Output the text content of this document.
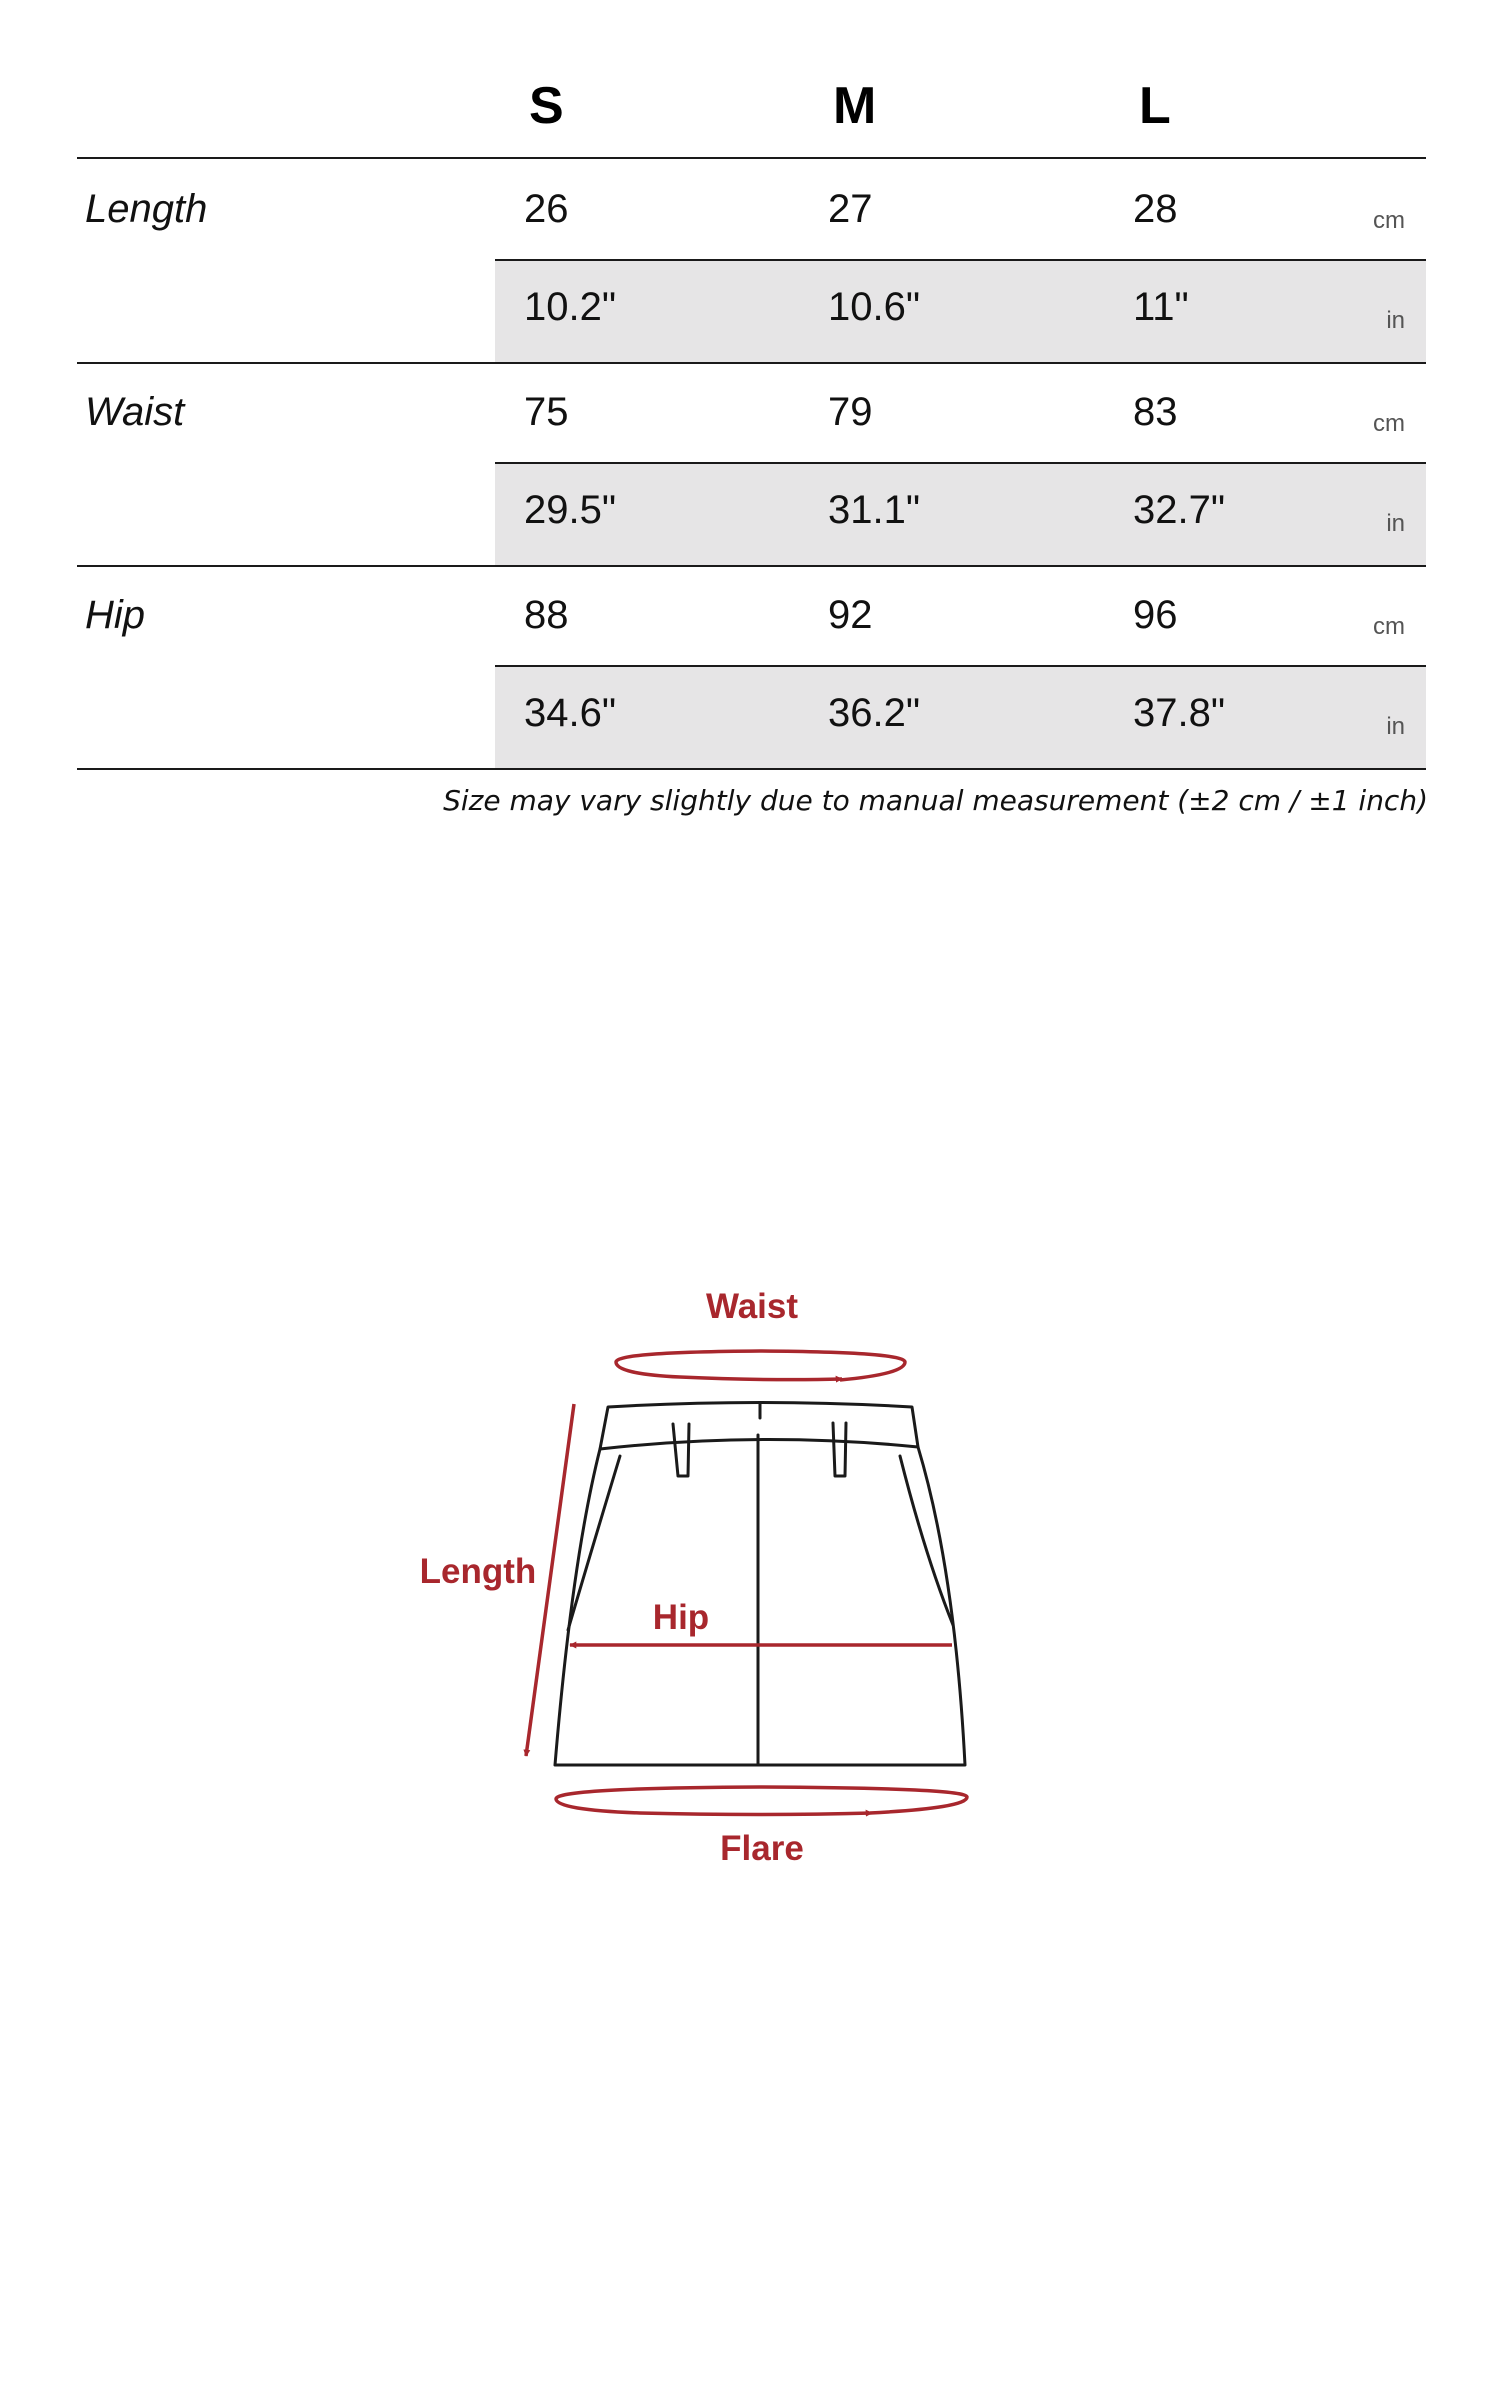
S	M	L
Length	26	27	28	cm
10.2"	10.6"	11"	in
Waist	75	79	83	cm
29.5"	31.1"	32.7"	in
Hip	88	92	96	cm
34.6"	36.2"	37.8"	in
Size may vary slightly due to manual measurement (±2 cm / ±1 inch)
Waist
Length
Hip
Flare
